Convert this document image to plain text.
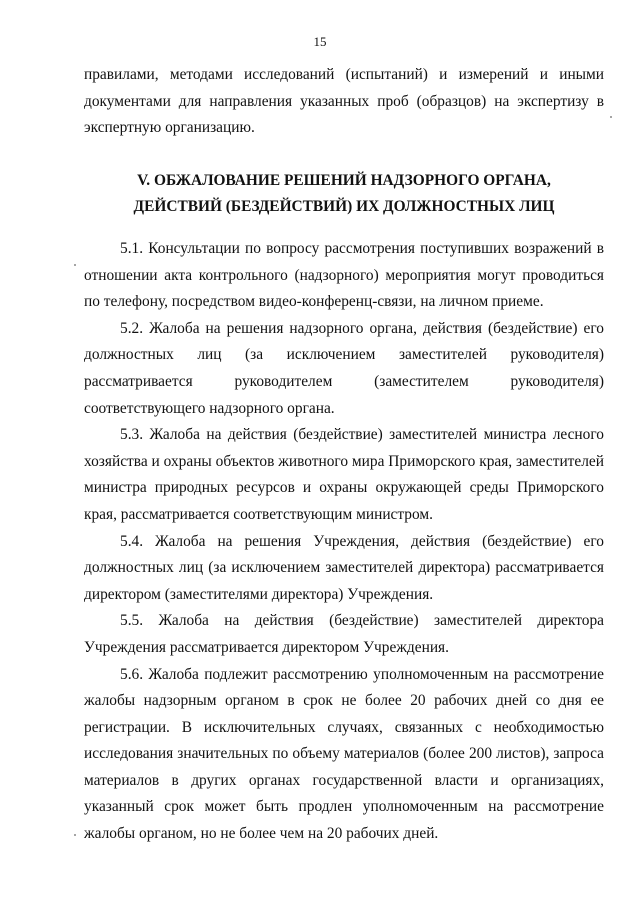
15

правилами, методами исследований (испытаний) и измерений и иными документами для направления указанных проб (образцов) на экспертизу в экспертную организацию.

V. ОБЖАЛОВАНИЕ РЕШЕНИЙ НАДЗОРНОГО ОРГАНА,
ДЕЙСТВИЙ (БЕЗДЕЙСТВИЙ) ИХ ДОЛЖНОСТНЫХ ЛИЦ

5.1. Консультации по вопросу рассмотрения поступивших возражений в отношении акта контрольного (надзорного) мероприятия могут проводиться по телефону, посредством видео-конференц-связи, на личном приеме.

5.2. Жалоба на решения надзорного органа, действия (бездействие) его должностных лиц (за исключением заместителей руководителя) рассматривается руководителем (заместителем руководителя) соответствующего надзорного органа.

5.3. Жалоба на действия (бездействие) заместителей министра лесного хозяйства и охраны объектов животного мира Приморского края, заместителей министра природных ресурсов и охраны окружающей среды Приморского края, рассматривается соответствующим министром.

5.4. Жалоба на решения Учреждения, действия (бездействие) его должностных лиц (за исключением заместителей директора) рассматривается директором (заместителями директора) Учреждения.

5.5. Жалоба на действия (бездействие) заместителей директора Учреждения рассматривается директором Учреждения.

5.6. Жалоба подлежит рассмотрению уполномоченным на рассмотрение жалобы надзорным органом в срок не более 20 рабочих дней со дня ее регистрации. В исключительных случаях, связанных с необходимостью исследования значительных по объему материалов (более 200 листов), запроса материалов в других органах государственной власти и организациях, указанный срок может быть продлен уполномоченным на рассмотрение жалобы органом, но не более чем на 20 рабочих дней.
